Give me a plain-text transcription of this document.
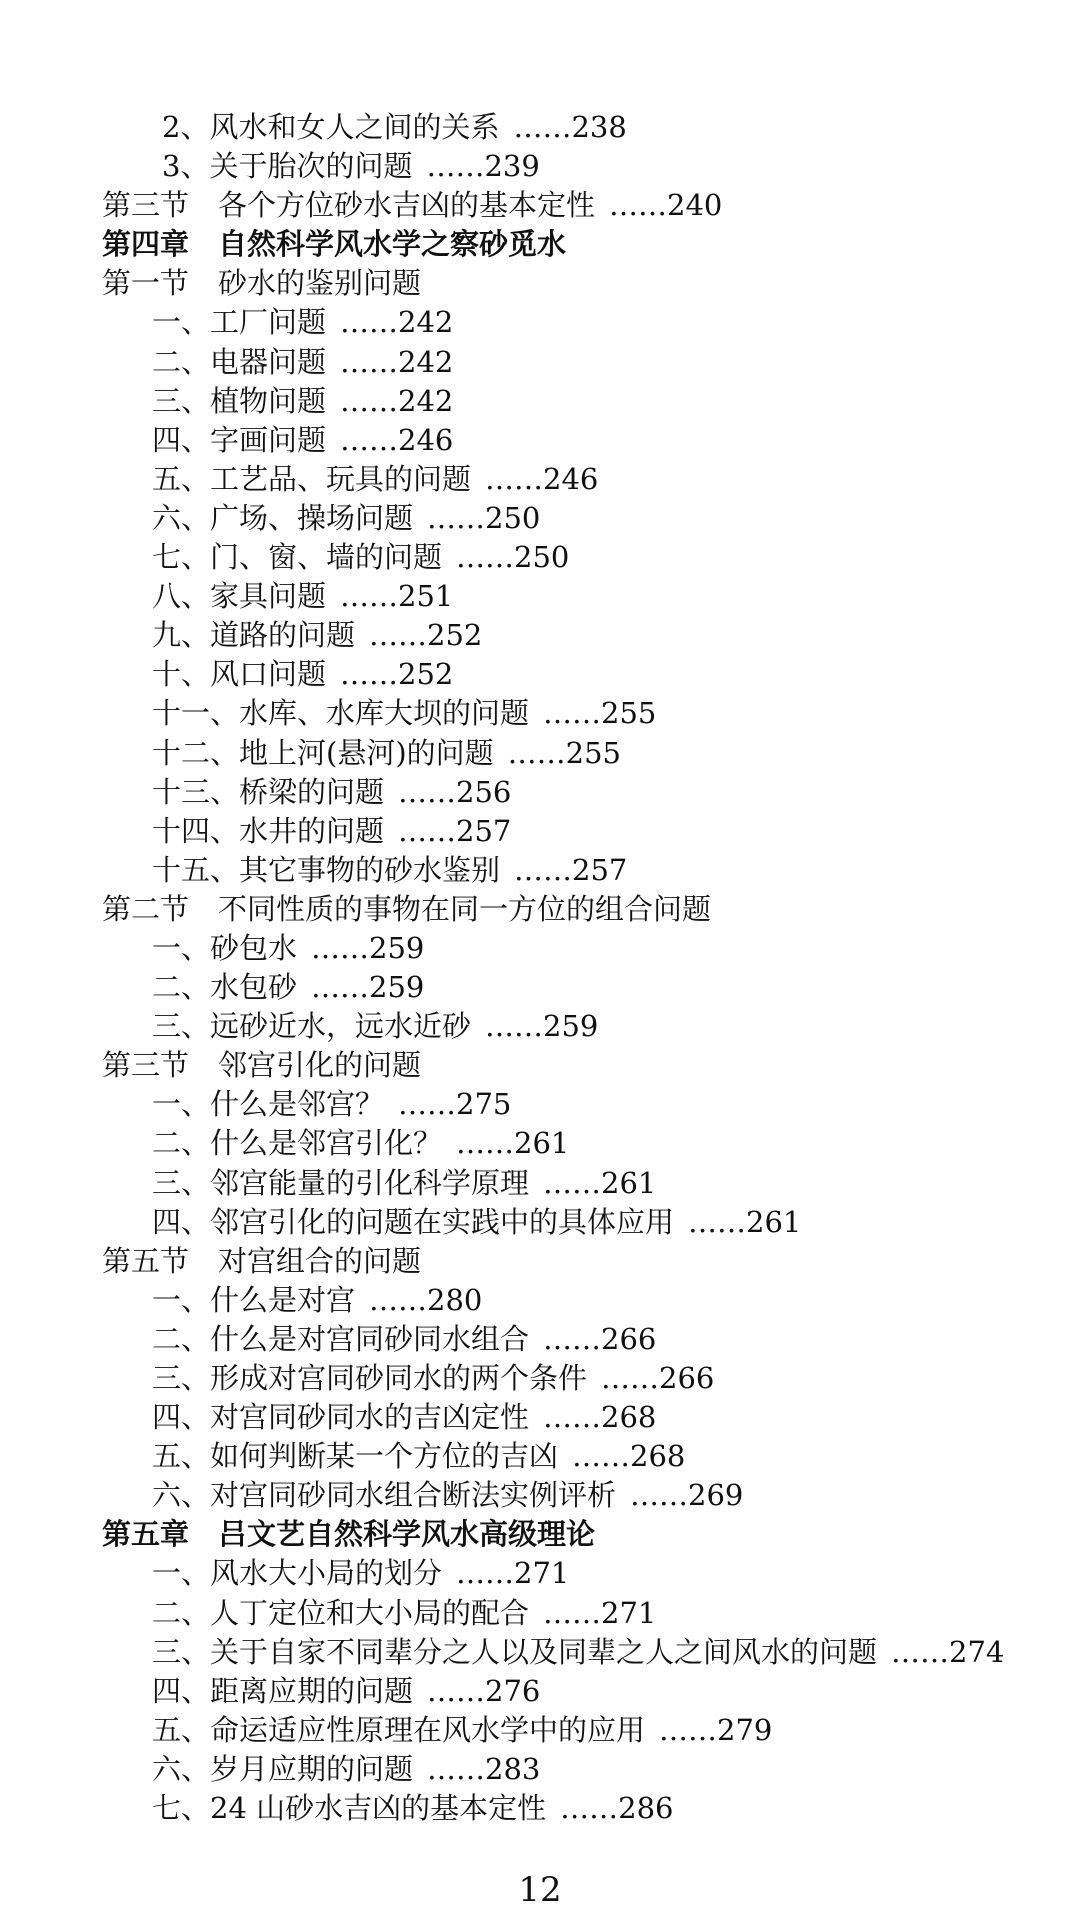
2、风水和女人之间的关系 ……238
3、关于胎次的问题 ……239
第三节　各个方位砂水吉凶的基本定性 ……240
第四章　自然科学风水学之察砂觅水
第一节　砂水的鉴别问题
一、工厂问题 ……242
二、电器问题 ……242
三、植物问题 ……242
四、字画问题 ……246
五、工艺品、玩具的问题 ……246
六、广场、操场问题 ……250
七、门、窗、墙的问题 ……250
八、家具问题 ……251
九、道路的问题 ……252
十、风口问题 ……252
十一、水库、水库大坝的问题 ……255
十二、地上河(悬河)的问题 ……255
十三、桥梁的问题 ……256
十四、水井的问题 ……257
十五、其它事物的砂水鉴别 ……257
第二节　不同性质的事物在同一方位的组合问题
一、砂包水 ……259
二、水包砂 ……259
三、远砂近水，远水近砂 ……259
第三节　邻宫引化的问题
一、什么是邻宫？ ……275
二、什么是邻宫引化？ ……261
三、邻宫能量的引化科学原理 ……261
四、邻宫引化的问题在实践中的具体应用 ……261
第五节　对宫组合的问题
一、什么是对宫 ……280
二、什么是对宫同砂同水组合 ……266
三、形成对宫同砂同水的两个条件 ……266
四、对宫同砂同水的吉凶定性 ……268
五、如何判断某一个方位的吉凶 ……268
六、对宫同砂同水组合断法实例评析 ……269
第五章　吕文艺自然科学风水高级理论
一、风水大小局的划分 ……271
二、人丁定位和大小局的配合 ……271
三、关于自家不同辈分之人以及同辈之人之间风水的问题 ……274
四、距离应期的问题 ……276
五、命运适应性原理在风水学中的应用 ……279
六、岁月应期的问题 ……283
七、24 山砂水吉凶的基本定性 ……286
12
